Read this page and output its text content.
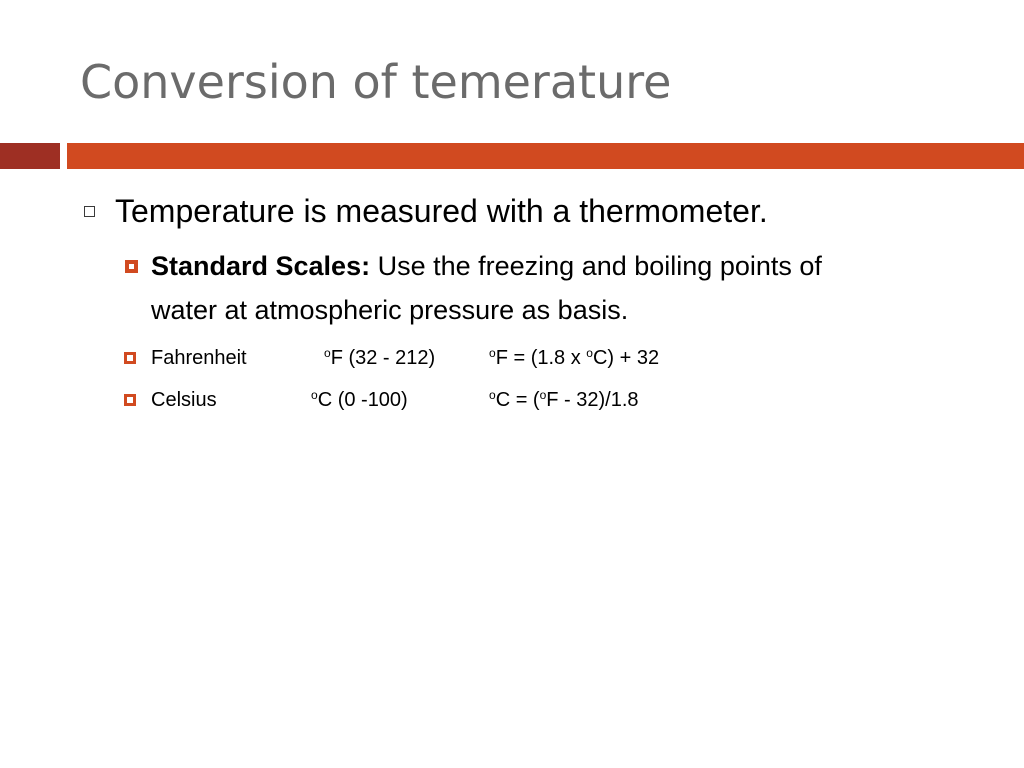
Conversion of temerature
Temperature is measured with a thermometer.
Standard Scales: Use the freezing and boiling points of
water at atmospheric pressure as basis.
Fahrenheit	$^o$F (32 - 212)	$^o$F = (1.8 x $^o$C) + 32
Celsius	$^o$C (0 -100)	$^o$C = ($^o$F - 32)/1.8
